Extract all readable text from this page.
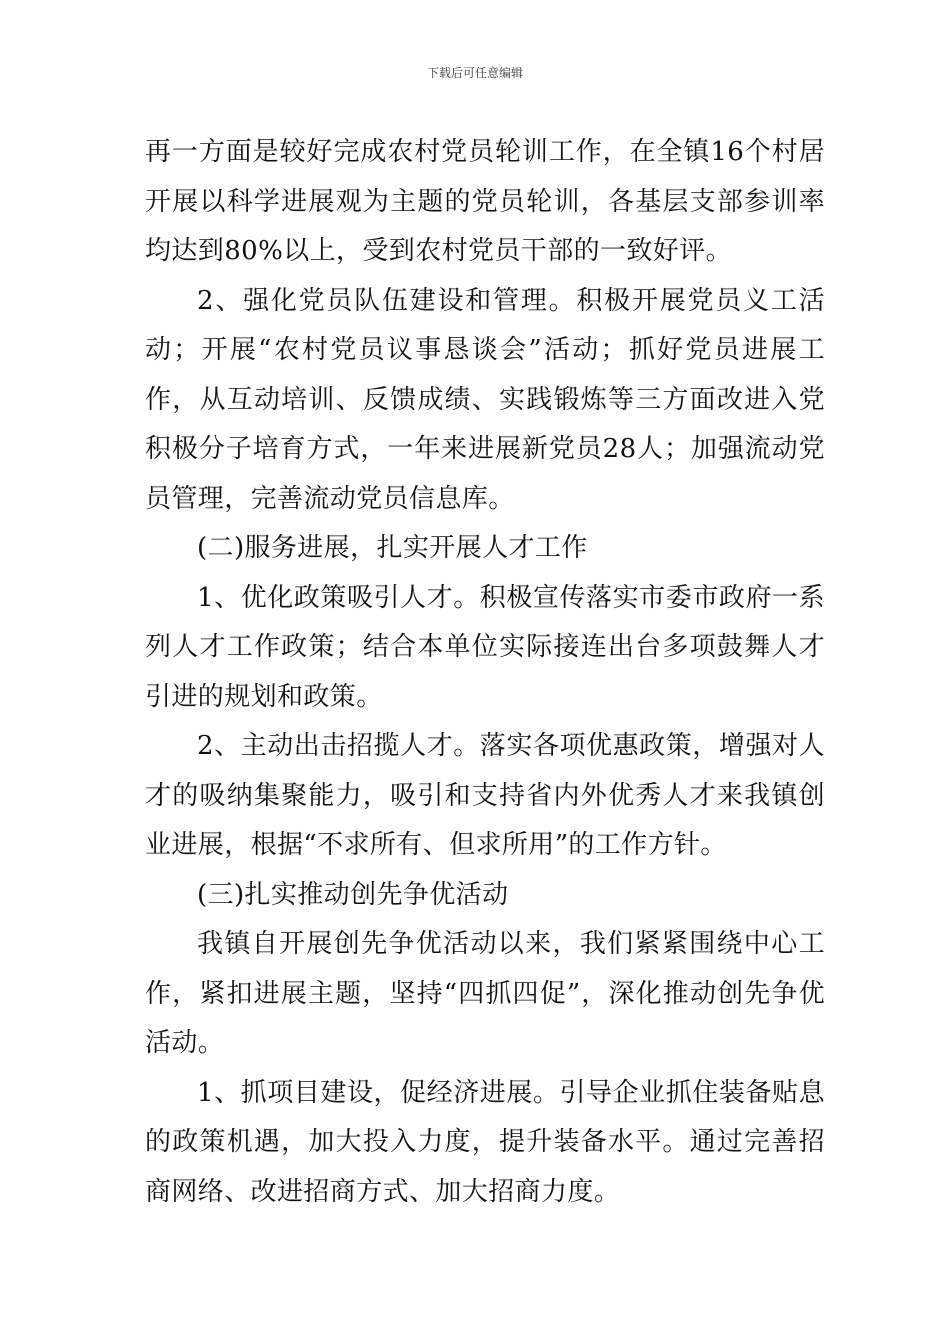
下载后可任意编辑

再一方面是较好完成农村党员轮训工作，在全镇16个村居开展以科学进展观为主题的党员轮训，各基层支部参训率均达到80%以上，受到农村党员干部的一致好评。

2、强化党员队伍建设和管理。积极开展党员义工活动；开展“农村党员议事恳谈会”活动；抓好党员进展工作，从互动培训、反馈成绩、实践锻炼等三方面改进入党积极分子培育方式，一年来进展新党员28人；加强流动党员管理，完善流动党员信息库。

(二)服务进展，扎实开展人才工作

1、优化政策吸引人才。积极宣传落实市委市政府一系列人才工作政策；结合本单位实际接连出台多项鼓舞人才引进的规划和政策。

2、主动出击招揽人才。落实各项优惠政策，增强对人才的吸纳集聚能力，吸引和支持省内外优秀人才来我镇创业进展，根据“不求所有、但求所用”的工作方针。

(三)扎实推动创先争优活动

我镇自开展创先争优活动以来，我们紧紧围绕中心工作，紧扣进展主题，坚持“四抓四促”，深化推动创先争优活动。

1、抓项目建设，促经济进展。引导企业抓住装备贴息的政策机遇，加大投入力度，提升装备水平。通过完善招商网络、改进招商方式、加大招商力度。
